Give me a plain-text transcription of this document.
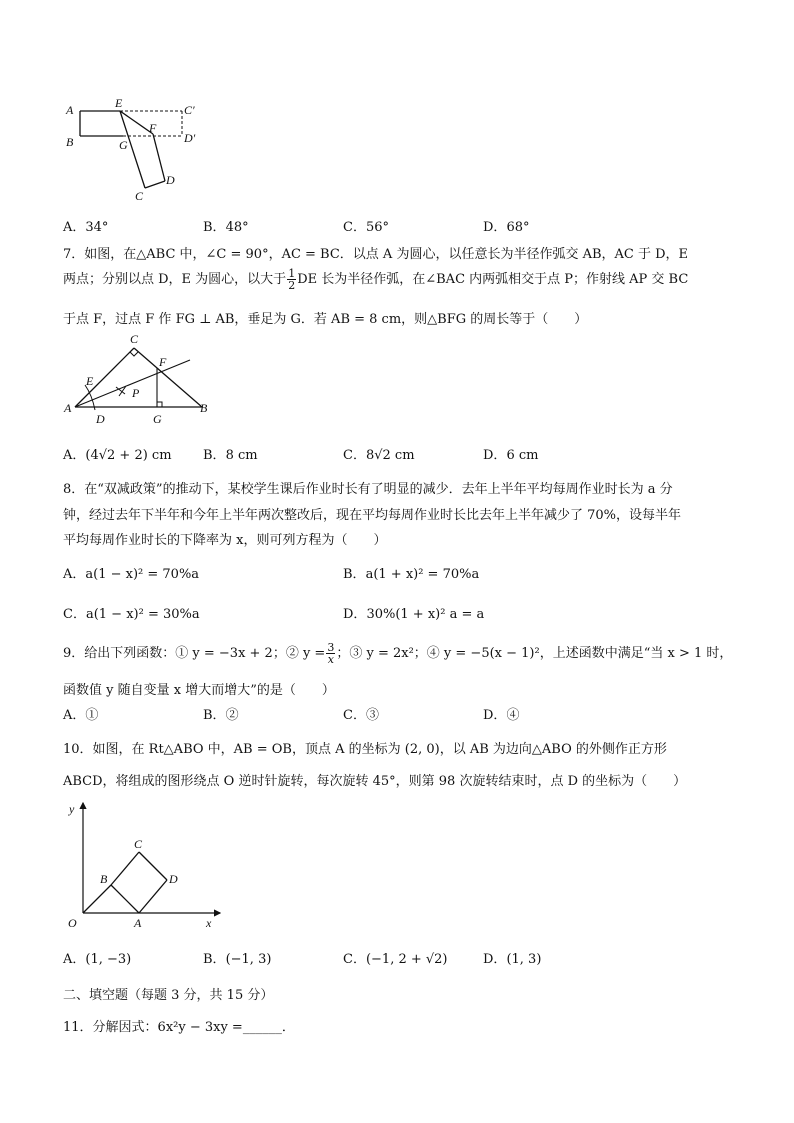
A
B
E	C′
D′
F
G
C
D
A．34°	B．48°	C．56°	D．68°
7．如图，在△ABC 中，∠C = 90°，AC = BC．以点 A 为圆心，以任意长为半径作弧交 AB，AC 于 D，E
两点；分别以点 D，E 为圆心，以大于 $\frac{1}{2}$ DE 长为半径作弧，在∠BAC 内两弧相交于点 P；作射线 AP 交 BC
于点 F，过点 F 作 FG ⊥ AB，垂足为 G．若 AB = 8 cm，则△BFG 的周长等于（　　）
C
F
E
P
A
D	G
B
A．(4√2 + 2) cm B．8 cm	C．8√2 cm	D．6 cm
8．在“双减政策”的推动下，某校学生课后作业时长有了明显的减少．去年上半年平均每周作业时长为 a 分
钟，经过去年下半年和今年上半年两次整改后，现在平均每周作业时长比去年上半年减少了 70%，设每半年
平均每周作业时长的下降率为 x，则可列方程为（　　）
A．a(1 − x)² = 70%a	B．a(1 + x)² = 70%a
C．a(1 − x)² = 30%a	D．30%(1 + x)² a = a
9．给出下列函数：① y = −3x + 2；② $y = \frac{3}{x}$ ；③ y = 2x²；④ y = −5(x − 1)²，上述函数中满足“当 x > 1 时，
函数值 y 随自变量 x 增大而增大”的是（　　）
A．①	B．②	C．③	D．④
10．如图，在 Rt△ABO 中，AB = OB，顶点 A 的坐标为 (2, 0)，以 AB 为边向△ABO 的外侧作正方形
ABCD，将组成的图形绕点 O 逆时针旋转，每次旋转 45°，则第 98 次旋转结束时，点 D 的坐标为（　　）
y
x
O	A
B
C
D
A．(1, −3)	B．(−1, 3)	C．(−1, 2 + √2)	D．(1, 3)
二、填空题（每题 3 分，共 15 分）
11．分解因式：6x²y − 3xy =______．
